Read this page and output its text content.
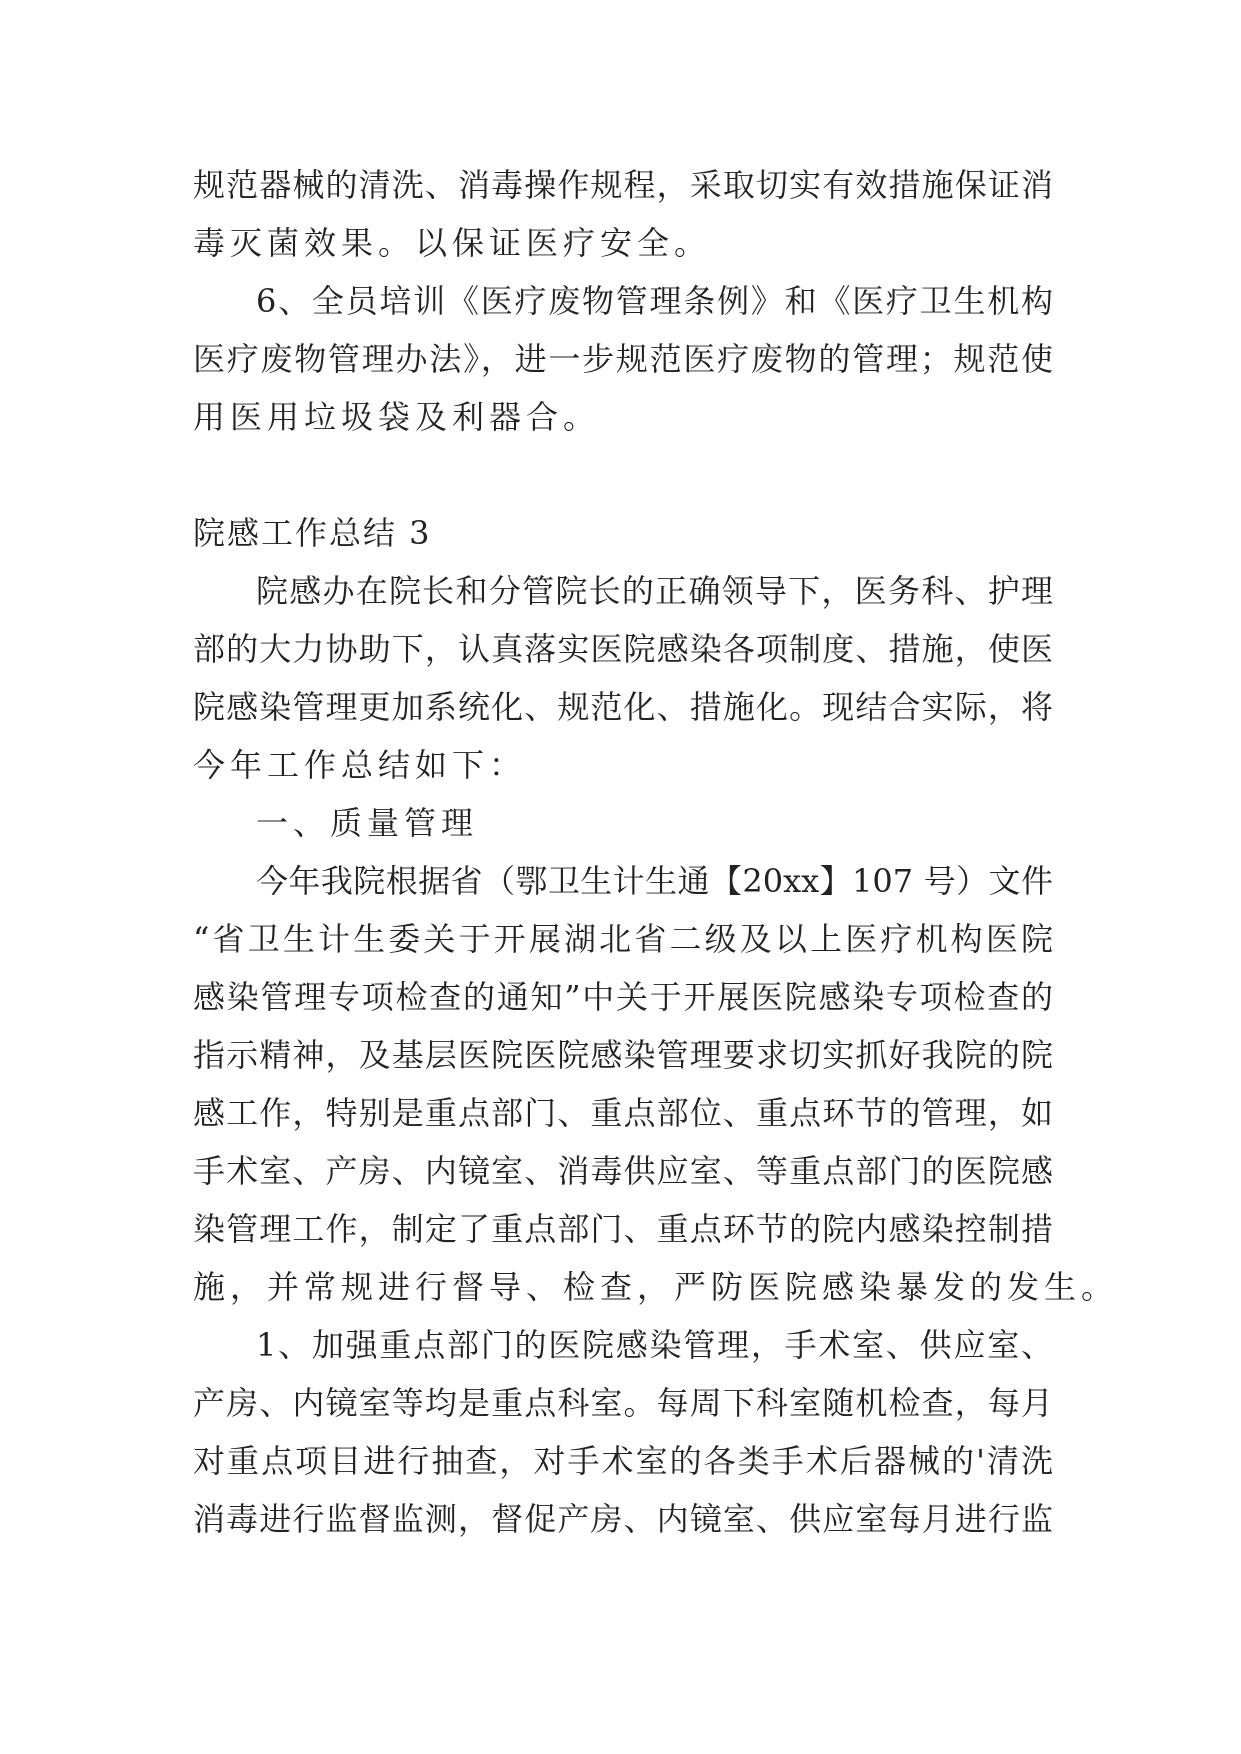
规范器械的清洗、消毒操作规程，采取切实有效措施保证消
毒灭菌效果。以保证医疗安全。
6、全员培训《医疗废物管理条例》和《医疗卫生机构
医疗废物管理办法》，进一步规范医疗废物的管理；规范使
用医用垃圾袋及利器合。
院感工作总结 3
院感办在院长和分管院长的正确领导下，医务科、护理
部的大力协助下，认真落实医院感染各项制度、措施，使医
院感染管理更加系统化、规范化、措施化。现结合实际，将
今年工作总结如下：
一、质量管理
今年我院根据省（鄂卫生计生通【20xx】107 号）文件
“省卫生计生委关于开展湖北省二级及以上医疗机构医院
感染管理专项检查的通知”中关于开展医院感染专项检查的
指示精神，及基层医院医院感染管理要求切实抓好我院的院
感工作，特别是重点部门、重点部位、重点环节的管理，如
手术室、产房、内镜室、消毒供应室、等重点部门的医院感
染管理工作，制定了重点部门、重点环节的院内感染控制措
施，并常规进行督导、检查，严防医院感染暴发的发生。
1、加强重点部门的医院感染管理，手术室、供应室、
产房、内镜室等均是重点科室。每周下科室随机检查，每月
对重点项目进行抽查，对手术室的各类手术后器械的'清洗
消毒进行监督监测，督促产房、内镜室、供应室每月进行监
